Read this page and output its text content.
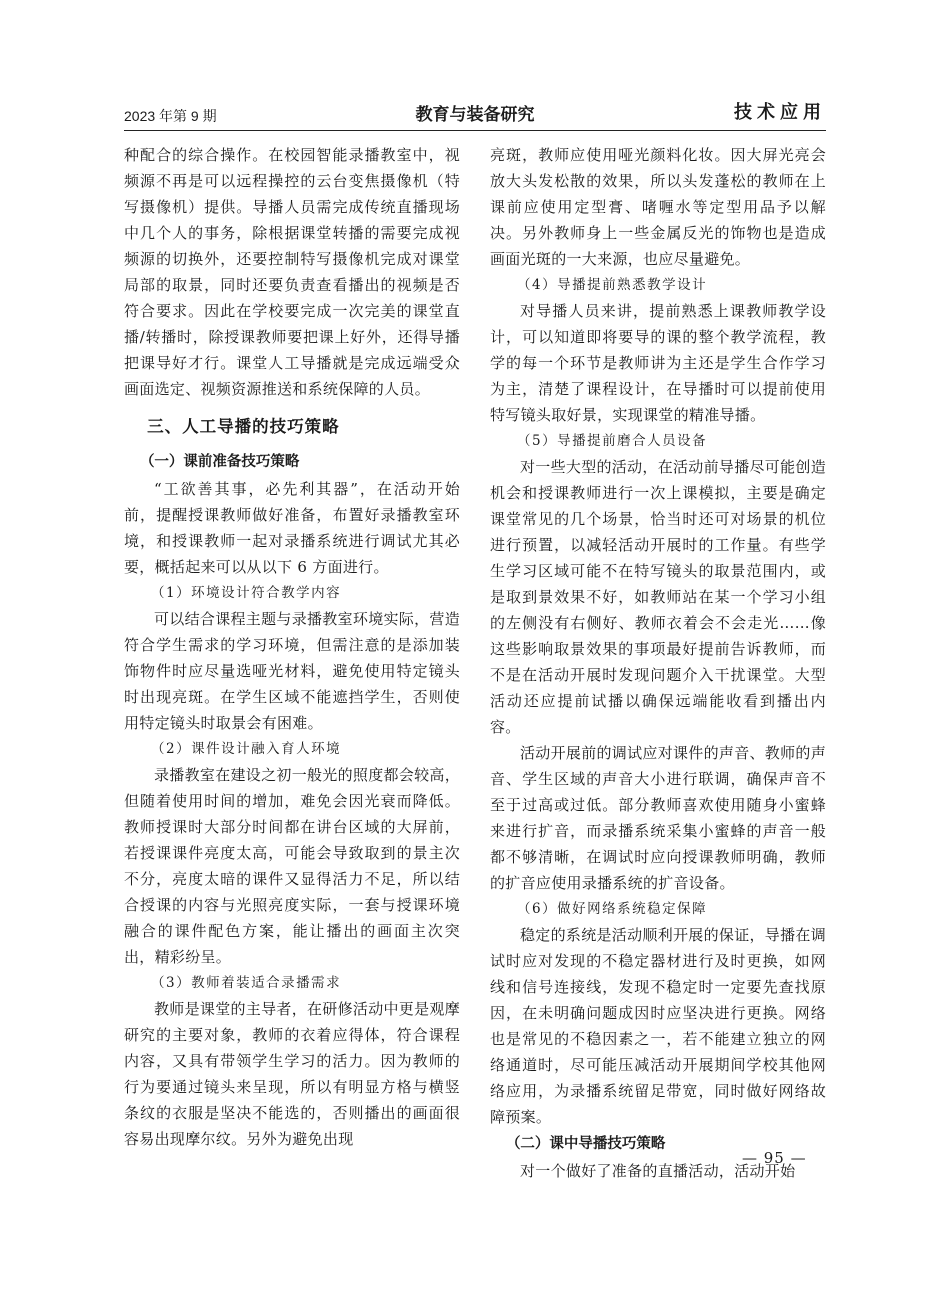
2023 年第 9 期	教育与装备研究	技术应用

种配合的综合操作。在校园智能录播教室中，视频源不再是可以远程操控的云台变焦摄像机（特写摄像机）提供。导播人员需完成传统直播现场中几个人的事务，除根据课堂转播的需要完成视频源的切换外，还要控制特写摄像机完成对课堂局部的取景，同时还要负责查看播出的视频是否符合要求。因此在学校要完成一次完美的课堂直播/转播时，除授课教师要把课上好外，还得导播把课导好才行。课堂人工导播就是完成远端受众画面选定、视频资源推送和系统保障的人员。

三、人工导播的技巧策略
（一）课前准备技巧策略

“工欲善其事，必先利其器”，在活动开始前，提醒授课教师做好准备，布置好录播教室环境，和授课教师一起对录播系统进行调试尤其必要，概括起来可以从以下 6 方面进行。

（1）环境设计符合教学内容

可以结合课程主题与录播教室环境实际，营造符合学生需求的学习环境，但需注意的是添加装饰物件时应尽量选哑光材料，避免使用特定镜头时出现亮斑。在学生区域不能遮挡学生，否则使用特定镜头时取景会有困难。

（2）课件设计融入育人环境

录播教室在建设之初一般光的照度都会较高，但随着使用时间的增加，难免会因光衰而降低。教师授课时大部分时间都在讲台区域的大屏前，若授课课件亮度太高，可能会导致取到的景主次不分，亮度太暗的课件又显得活力不足，所以结合授课的内容与光照亮度实际，一套与授课环境融合的课件配色方案，能让播出的画面主次突出，精彩纷呈。

（3）教师着装适合录播需求

教师是课堂的主导者，在研修活动中更是观摩研究的主要对象，教师的衣着应得体，符合课程内容，又具有带领学生学习的活力。因为教师的行为要通过镜头来呈现，所以有明显方格与横竖条纹的衣服是坚决不能选的，否则播出的画面很容易出现摩尔纹。另外为避免出现

亮斑，教师应使用哑光颜料化妆。因大屏光亮会放大头发松散的效果，所以头发蓬松的教师在上课前应使用定型膏、啫喱水等定型用品予以解决。另外教师身上一些金属反光的饰物也是造成画面光斑的一大来源，也应尽量避免。

（4）导播提前熟悉教学设计

对导播人员来讲，提前熟悉上课教师教学设计，可以知道即将要导的课的整个教学流程，教学的每一个环节是教师讲为主还是学生合作学习为主，清楚了课程设计，在导播时可以提前使用特写镜头取好景，实现课堂的精准导播。

（5）导播提前磨合人员设备

对一些大型的活动，在活动前导播尽可能创造机会和授课教师进行一次上课模拟，主要是确定课堂常见的几个场景，恰当时还可对场景的机位进行预置，以减轻活动开展时的工作量。有些学生学习区域可能不在特写镜头的取景范围内，或是取到景效果不好，如教师站在某一个学习小组的左侧没有右侧好、教师衣着会不会走光……像这些影响取景效果的事项最好提前告诉教师，而不是在活动开展时发现问题介入干扰课堂。大型活动还应提前试播以确保远端能收看到播出内容。

活动开展前的调试应对课件的声音、教师的声音、学生区域的声音大小进行联调，确保声音不至于过高或过低。部分教师喜欢使用随身小蜜蜂来进行扩音，而录播系统采集小蜜蜂的声音一般都不够清晰，在调试时应向授课教师明确，教师的扩音应使用录播系统的扩音设备。

（6）做好网络系统稳定保障

稳定的系统是活动顺利开展的保证，导播在调试时应对发现的不稳定器材进行及时更换，如网线和信号连接线，发现不稳定时一定要先查找原因，在未明确问题成因时应坚决进行更换。网络也是常见的不稳因素之一，若不能建立独立的网络通道时，尽可能压减活动开展期间学校其他网络应用，为录播系统留足带宽，同时做好网络故障预案。

（二）课中导播技巧策略

对一个做好了准备的直播活动，活动开始

— 95 —
